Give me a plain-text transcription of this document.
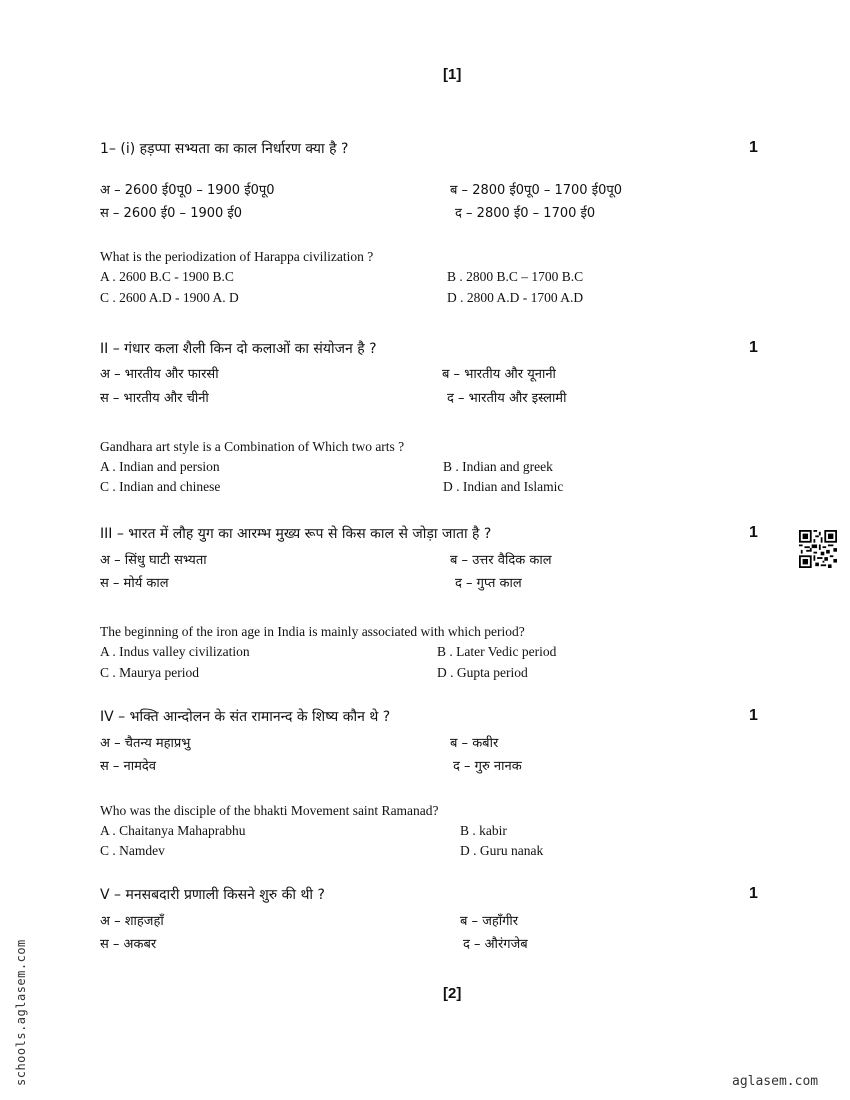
[1]
[2]
1– (i) हड़प्पा सभ्यता का काल निर्धारण क्या है ?	1
अ – 2600 ई0पू0 – 1900 ई0पू0	ब – 2800 ई0पू0 – 1700 ई0पू0
स – 2600 ई0 – 1900 ई0	द – 2800 ई0 – 1700 ई0
What is the periodization of Harappa civilization ?
A . 2600 B.C - 1900 B.C	B . 2800 B.C – 1700 B.C
C . 2600 A.D - 1900 A. D	D . 2800 A.D - 1700 A.D
II – गंधार कला शैली किन दो कलाओं का संयोजन है ?	1
अ – भारतीय और फारसी	ब – भारतीय और यूनानी
स – भारतीय और चीनी	द – भारतीय और इस्लामी
Gandhara art style is a Combination of Which two arts ?
A . Indian and persion	B . Indian and greek
C . Indian and chinese	D . Indian and Islamic
III – भारत में लौह युग का आरम्भ मुख्य रूप से किस काल से जोड़ा जाता है ?	1
अ – सिंधु घाटी सभ्यता	ब – उत्तर वैदिक काल
स – मोर्य काल	द – गुप्त काल
The beginning of the iron age in India is mainly associated with which period?
A . Indus valley civilization	B . Later Vedic period
C . Maurya period	D . Gupta period
IV – भक्ति आन्दोलन के संत रामानन्द के शिष्य कौन थे ?	1
अ – चैतन्य महाप्रभु	ब – कबीर
स – नामदेव	द – गुरु नानक
Who was the disciple of the bhakti Movement saint Ramanad?
A . Chaitanya Mahaprabhu	B . kabir
C . Namdev	D . Guru nanak
V – मनसबदारी प्रणाली किसने शुरु की थी ?	1
अ – शाहजहाँ	ब – जहाँगीर
स – अकबर	द – औरंगजेब
schools.aglasem.com	aglasem.com
